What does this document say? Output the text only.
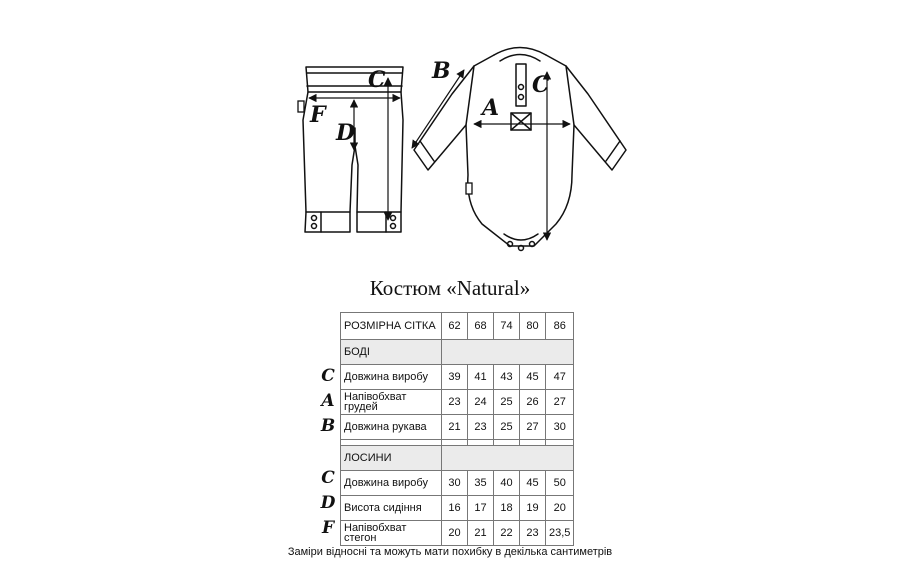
C
F
D
B
A
C
Костюм «Natural»
РОЗМІРНА СІТКА	62	68	74	80	86
БОДІ					
Довжина виробу	39	41	43	45	47
Напівобхват грудей	23	24	25	26	27
Довжина рукава	21	23	25	27	30

ЛОСИНИ					
Довжина виробу	30	35	40	45	50
Висота сидіння	16	17	18	19	20
Напівобхват стегон	20	21	22	23	23,5
C
A
B
C
D
F
Заміри відносні та можуть мати похибку в декілька сантиметрів
